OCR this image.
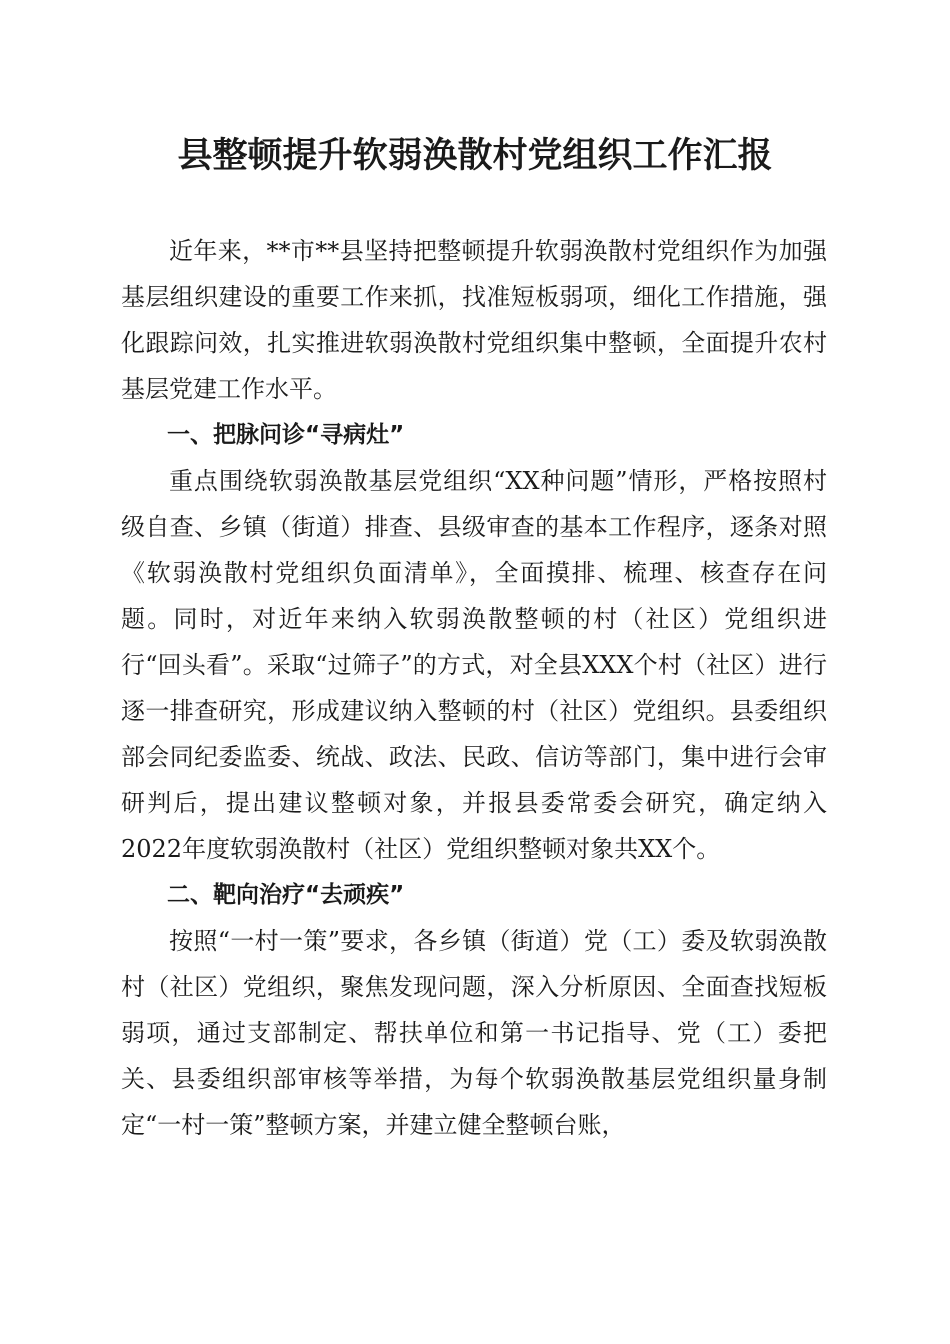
县整顿提升软弱涣散村党组织工作汇报

近年来，**市**县坚持把整顿提升软弱涣散村党组织作为加强基层组织建设的重要工作来抓，找准短板弱项，细化工作措施，强化跟踪问效，扎实推进软弱涣散村党组织集中整顿，全面提升农村基层党建工作水平。

一、把脉问诊“寻病灶”

重点围绕软弱涣散基层党组织“XX种问题”情形，严格按照村级自查、乡镇（街道）排查、县级审查的基本工作程序，逐条对照《软弱涣散村党组织负面清单》，全面摸排、梳理、核查存在问题。同时，对近年来纳入软弱涣散整顿的村（社区）党组织进行“回头看”。采取“过筛子”的方式，对全县XXX个村（社区）进行逐一排查研究，形成建议纳入整顿的村（社区）党组织。县委组织部会同纪委监委、统战、政法、民政、信访等部门，集中进行会审研判后，提出建议整顿对象，并报县委常委会研究，确定纳入2022年度软弱涣散村（社区）党组织整顿对象共XX个。

二、靶向治疗“去顽疾”

按照“一村一策”要求，各乡镇（街道）党（工）委及软弱涣散村（社区）党组织，聚焦发现问题，深入分析原因、全面查找短板弱项，通过支部制定、帮扶单位和第一书记指导、党（工）委把关、县委组织部审核等举措，为每个软弱涣散基层党组织量身制定“一村一策”整顿方案，并建立健全整顿台账，
